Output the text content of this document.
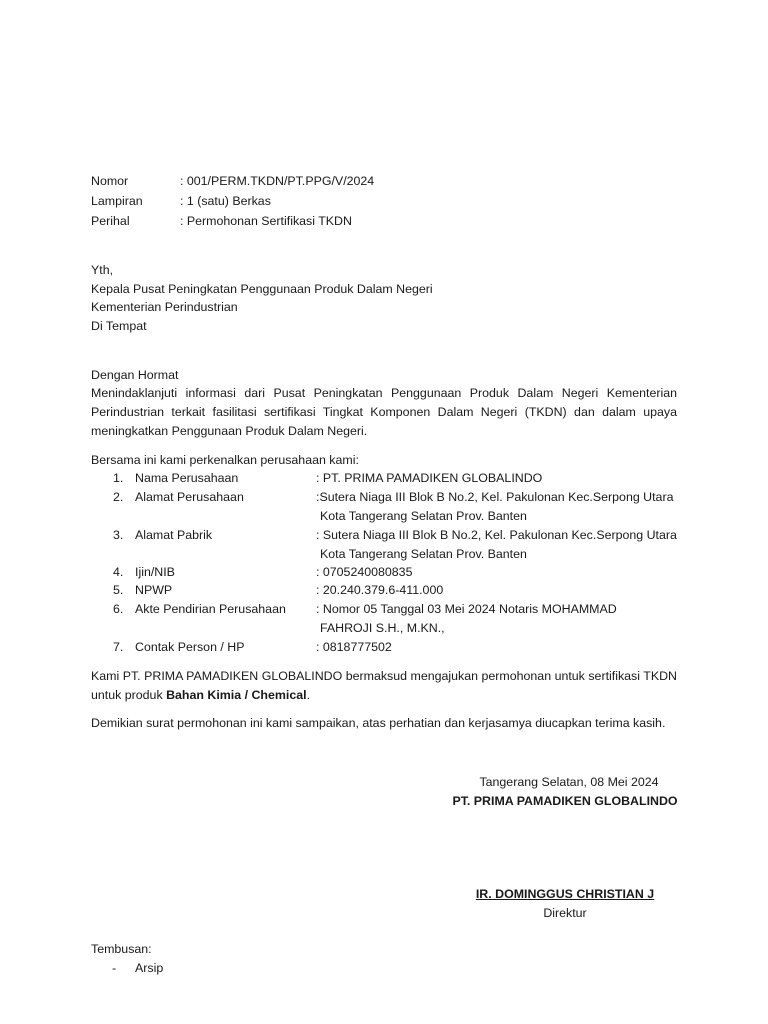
Nomor	: 001/PERM.TKDN/PT.PPG/V/2024
Lampiran	: 1 (satu) Berkas
Perihal	: Permohonan Sertifikasi TKDN
Yth,
Kepala Pusat Peningkatan Penggunaan Produk Dalam Negeri
Kementerian Perindustrian
Di Tempat
Dengan Hormat
Menindaklanjuti informasi dari Pusat Peningkatan Penggunaan Produk Dalam Negeri Kementerian
Perindustrian terkait fasilitasi sertifikasi Tingkat Komponen Dalam Negeri (TKDN) dan dalam upaya
meningkatkan Penggunaan Produk Dalam Negeri.
Bersama ini kami perkenalkan perusahaan kami:
1. Nama Perusahaan	: PT. PRIMA PAMADIKEN GLOBALINDO
2. Alamat Perusahaan	:Sutera Niaga III Blok B No.2, Kel. Pakulonan Kec.Serpong Utara
Kota Tangerang Selatan Prov. Banten
3. Alamat Pabrik	: Sutera Niaga III Blok B No.2, Kel. Pakulonan Kec.Serpong Utara
Kota Tangerang Selatan Prov. Banten
4. Ijin/NIB	: 0705240080835
5. NPWP	: 20.240.379.6-411.000
6. Akte Pendirian Perusahaan : Nomor 05 Tanggal 03 Mei 2024 Notaris MOHAMMAD
FAHROJI S.H., M.KN.,
7. Contak Person / HP	: 0818777502
Kami PT. PRIMA PAMADIKEN GLOBALINDO bermaksud mengajukan permohonan untuk sertifikasi TKDN
untuk produk Bahan Kimia / Chemical.
Demikian surat permohonan ini kami sampaikan, atas perhatian dan kerjasamya diucapkan terima kasih.
Tangerang Selatan, 08 Mei 2024
PT. PRIMA PAMADIKEN GLOBALINDO
IR. DOMINGGUS CHRISTIAN J
Direktur
Tembusan:
- Arsip
